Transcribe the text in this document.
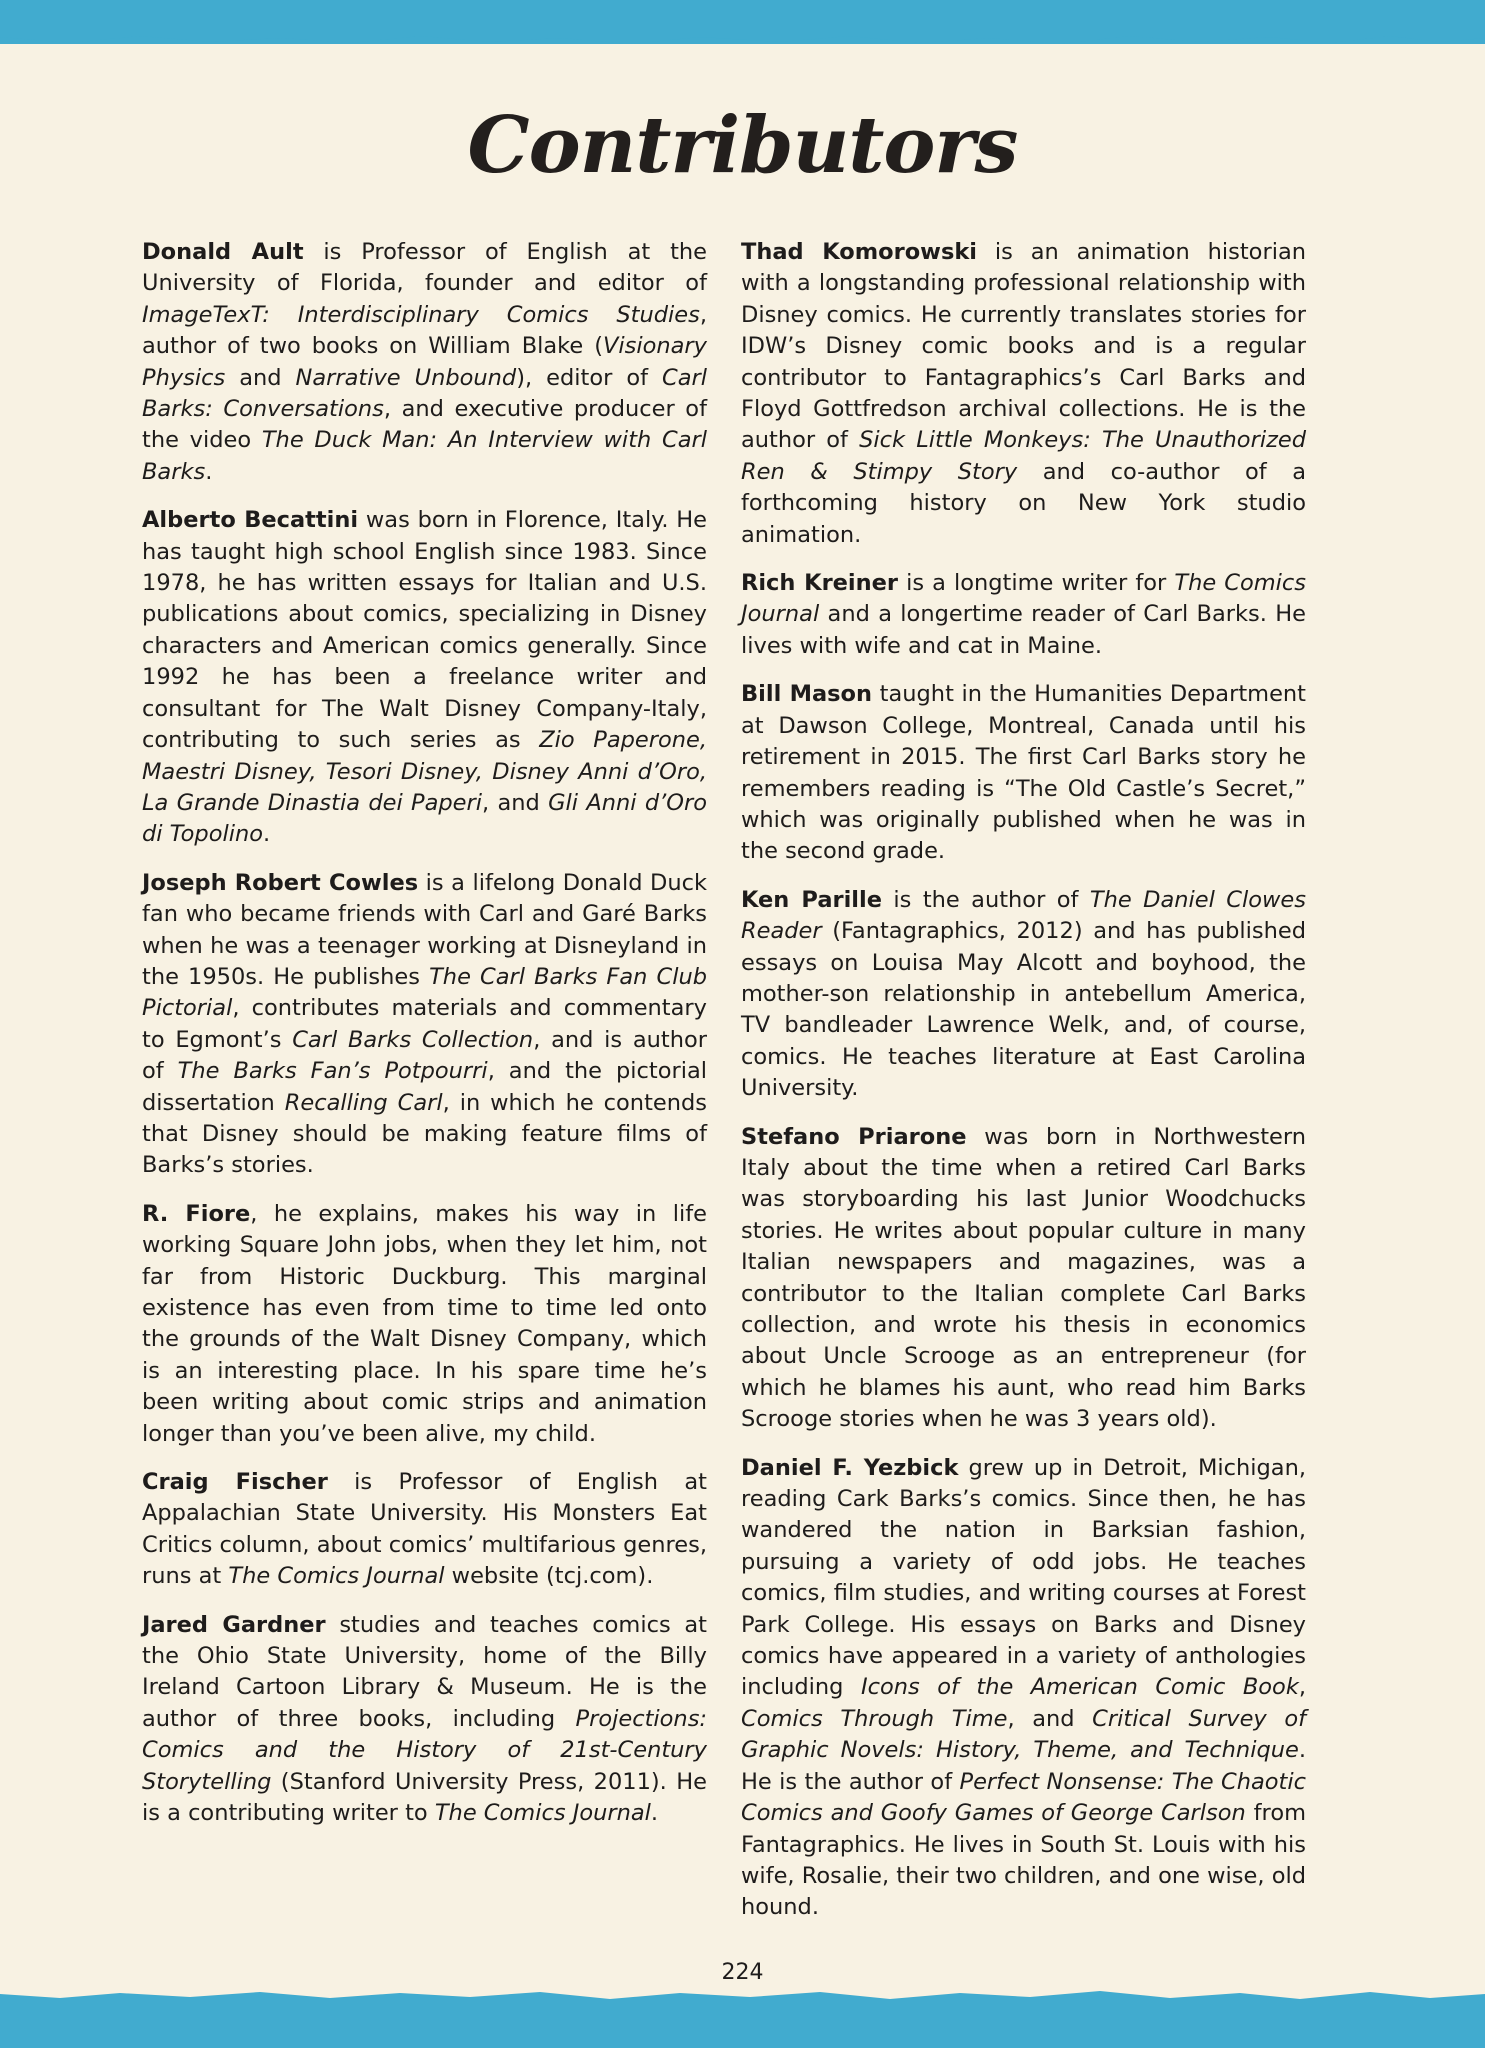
Contributors

Donald Ault is Professor of English at the University of Florida, founder and editor of ImageTexT: Interdisciplinary Comics Studies, author of two books on William Blake (Visionary Physics and Narrative Unbound), editor of Carl Barks: Conversations, and executive producer of the video The Duck Man: An Interview with Carl Barks.

Alberto Becattini was born in Florence, Italy. He has taught high school English since 1983. Since 1978, he has written essays for Italian and U.S. publications about comics, specializing in Disney characters and American comics generally. Since 1992 he has been a freelance writer and consultant for The Walt Disney Company-Italy, contributing to such series as Zio Paperone, Maestri Disney, Tesori Disney, Disney Anni d’Oro, La Grande Dinastia dei Paperi, and Gli Anni d’Oro di Topolino.

Joseph Robert Cowles is a lifelong Donald Duck fan who became friends with Carl and Garé Barks when he was a teenager working at Disneyland in the 1950s. He publishes The Carl Barks Fan Club Pictorial, contributes materials and commentary to Egmont’s Carl Barks Collection, and is author of The Barks Fan’s Potpourri, and the pictorial dissertation Recalling Carl, in which he contends that Disney should be making feature films of Barks’s stories.

R. Fiore, he explains, makes his way in life working Square John jobs, when they let him, not far from Historic Duckburg. This marginal existence has even from time to time led onto the grounds of the Walt Disney Company, which is an interesting place. In his spare time he’s been writing about comic strips and animation longer than you’ve been alive, my child.

Craig Fischer is Professor of English at Appalachian State University. His Monsters Eat Critics column, about comics’ multifarious genres, runs at The Comics Journal website (tcj.com).

Jared Gardner studies and teaches comics at the Ohio State University, home of the Billy Ireland Cartoon Library & Museum. He is the author of three books, including Projections: Comics and the History of 21st-Century Storytelling (Stanford University Press, 2011). He is a contributing writer to The Comics Journal.

Thad Komorowski is an animation historian with a longstanding professional relationship with Disney comics. He currently translates stories for IDW’s Disney comic books and is a regular contributor to Fantagraphics’s Carl Barks and Floyd Gottfredson archival collections. He is the author of Sick Little Monkeys: The Unauthorized Ren & Stimpy Story and co-author of a forthcoming history on New York studio animation.

Rich Kreiner is a longtime writer for The Comics Journal and a longertime reader of Carl Barks. He lives with wife and cat in Maine.

Bill Mason taught in the Humanities Department at Dawson College, Montreal, Canada until his retirement in 2015. The first Carl Barks story he remembers reading is “The Old Castle’s Secret,” which was originally published when he was in the second grade.

Ken Parille is the author of The Daniel Clowes Reader (Fantagraphics, 2012) and has published essays on Louisa May Alcott and boyhood, the mother-son relationship in antebellum America, TV bandleader Lawrence Welk, and, of course, comics. He teaches literature at East Carolina University.

Stefano Priarone was born in Northwestern Italy about the time when a retired Carl Barks was storyboarding his last Junior Woodchucks stories. He writes about popular culture in many Italian newspapers and magazines, was a contributor to the Italian complete Carl Barks collection, and wrote his thesis in economics about Uncle Scrooge as an entrepreneur (for which he blames his aunt, who read him Barks Scrooge stories when he was 3 years old).

Daniel F. Yezbick grew up in Detroit, Michigan, reading Cark Barks’s comics. Since then, he has wandered the nation in Barksian fashion, pursuing a variety of odd jobs. He teaches comics, film studies, and writing courses at Forest Park College. His essays on Barks and Disney comics have appeared in a variety of anthologies including Icons of the American Comic Book, Comics Through Time, and Critical Survey of Graphic Novels: History, Theme, and Technique. He is the author of Perfect Nonsense: The Chaotic Comics and Goofy Games of George Carlson from Fantagraphics. He lives in South St. Louis with his wife, Rosalie, their two children, and one wise, old hound.

224
